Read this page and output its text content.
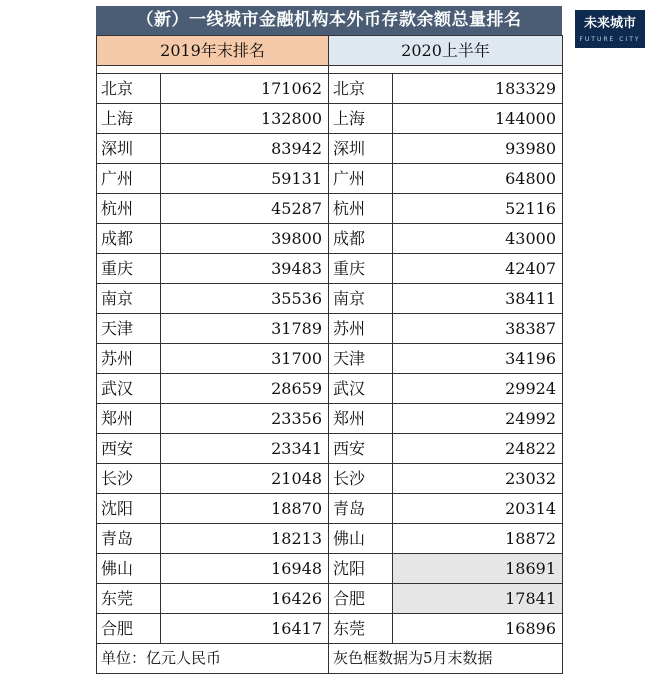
（新）一线城市金融机构本外币存款余额总量排名
2019年末排名		2020上半年	

北京	171062	北京	183329
上海	132800	上海	144000
深圳	83942	深圳	93980
广州	59131	广州	64800
杭州	45287	杭州	52116
成都	39800	成都	43000
重庆	39483	重庆	42407
南京	35536	南京	38411
天津	31789	苏州	38387
苏州	31700	天津	34196
武汉	28659	武汉	29924
郑州	23356	郑州	24992
西安	23341	西安	24822
长沙	21048	长沙	23032
沈阳	18870	青岛	20314
青岛	18213	佛山	18872
佛山	16948	沈阳	18691
东莞	16426	合肥	17841
合肥	16417	东莞	16896
单位：亿元人民币		灰色框数据为5月末数据	
未来城市
FUTURE CITY
